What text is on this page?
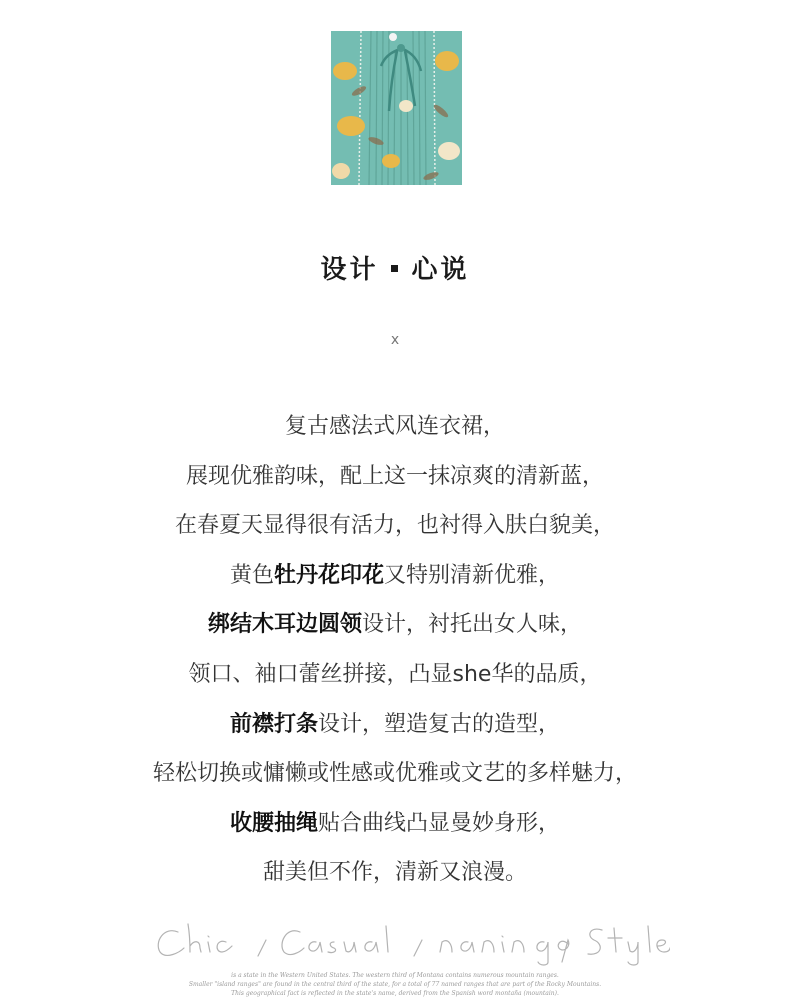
设计 心说
x
复古感法式风连衣裙，
展现优雅韵味，配上这一抹凉爽的清新蓝，
在春夏天显得很有活力，也衬得入肤白貌美，
黄色牡丹花印花又特别清新优雅，
绑结木耳边圆领设计，衬托出女人味，
领口、袖口蕾丝拼接，凸显she华的品质，
前襟打条设计，塑造复古的造型，
轻松切换或慵懒或性感或优雅或文艺的多样魅力，
收腰抽绳贴合曲线凸显曼妙身形，
甜美但不作，清新又浪漫。
is a state in the Western United States. The western third of Montana contains numerous mountain ranges.
Smaller "island ranges" are found in the central third of the state, for a total of 77 named ranges that are part of the Rocky Mountains.
This geographical fact is reflected in the state's name, derived from the Spanish word montaña (mountain).
